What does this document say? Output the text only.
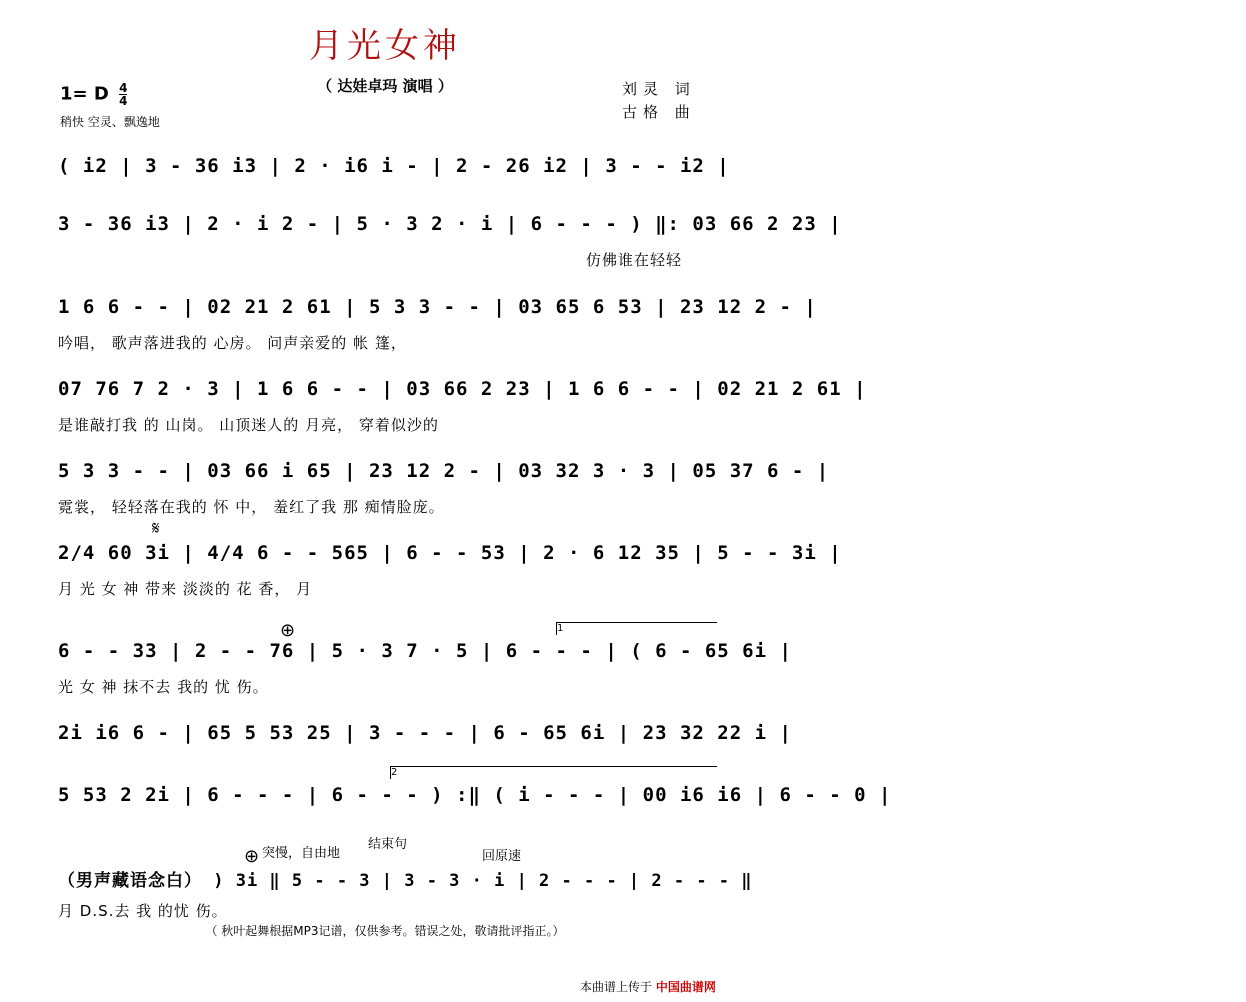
月光女神
（ 达娃卓玛 演唱 ）	刘灵 词
古格 曲
1= D $\frac{4}{4}$
稍快 空灵、飘逸地
( i2 | 3 - 36 i3 | 2 · i6 i - | 2 - 26 i2 | 3 - - i2 |
3 - 36 i3 | 2 · i 2 - | 5 · 3 2 · i | 6 - - - ) ‖: 03 66 2 23 |
仿佛谁在轻轻
1 6 6 - - | 02 21 2 61 | 5 3 3 - - | 03 65 6 53 | 23 12 2 - |
吟唱， 歌声落进我的 心房。 问声亲爱的 帐 篷，
07 76 7 2 · 3 | 1 6 6 - - | 03 66 2 23 | 1 6 6 - - | 02 21 2 61 |
是谁敲打我 的 山岗。 山顶迷人的 月亮， 穿着似沙的
5 3 3 - - | 03 66 i 65 | 23 12 2 - | 03 32 3 · 3 | 05 37 6 - |
霓裳， 轻轻落在我的 怀 中， 羞红了我 那 痴情脸庞。
𝄋
2/4 60 3i | 4/4 6 - - 565 | 6 - - 53 | 2 · 6 12 35 | 5 - - 3i |
月 光 女 神 带来 淡淡的 花 香， 月
1
⊕
6 - - 33 | 2 - - 76 | 5 · 3 7 · 5 | 6 - - - | ( 6 - 65 6i |
光 女 神 抹不去 我的 忧 伤。
2i i6 6 - | 65 5 53 25 | 3 - - - | 6 - 65 6i | 23 32 22 i |
2
5 53 2 2i | 6 - - - | 6 - - - ) :‖ ( i - - - | 00 i6 i6 | 6 - - 0 |
突慢，自由地
结束句
回原速
⊕
（男声藏语念白） ) 3i ‖ 5 - - 3 | 3 - 3 · i | 2 - - - | 2 - - - ‖
月 D.S.去 我 的忧 伤。
（ 秋叶起舞根据MP3记谱，仅供参考。错误之处，敬请批评指正。）
本曲谱上传于 中国曲谱网
